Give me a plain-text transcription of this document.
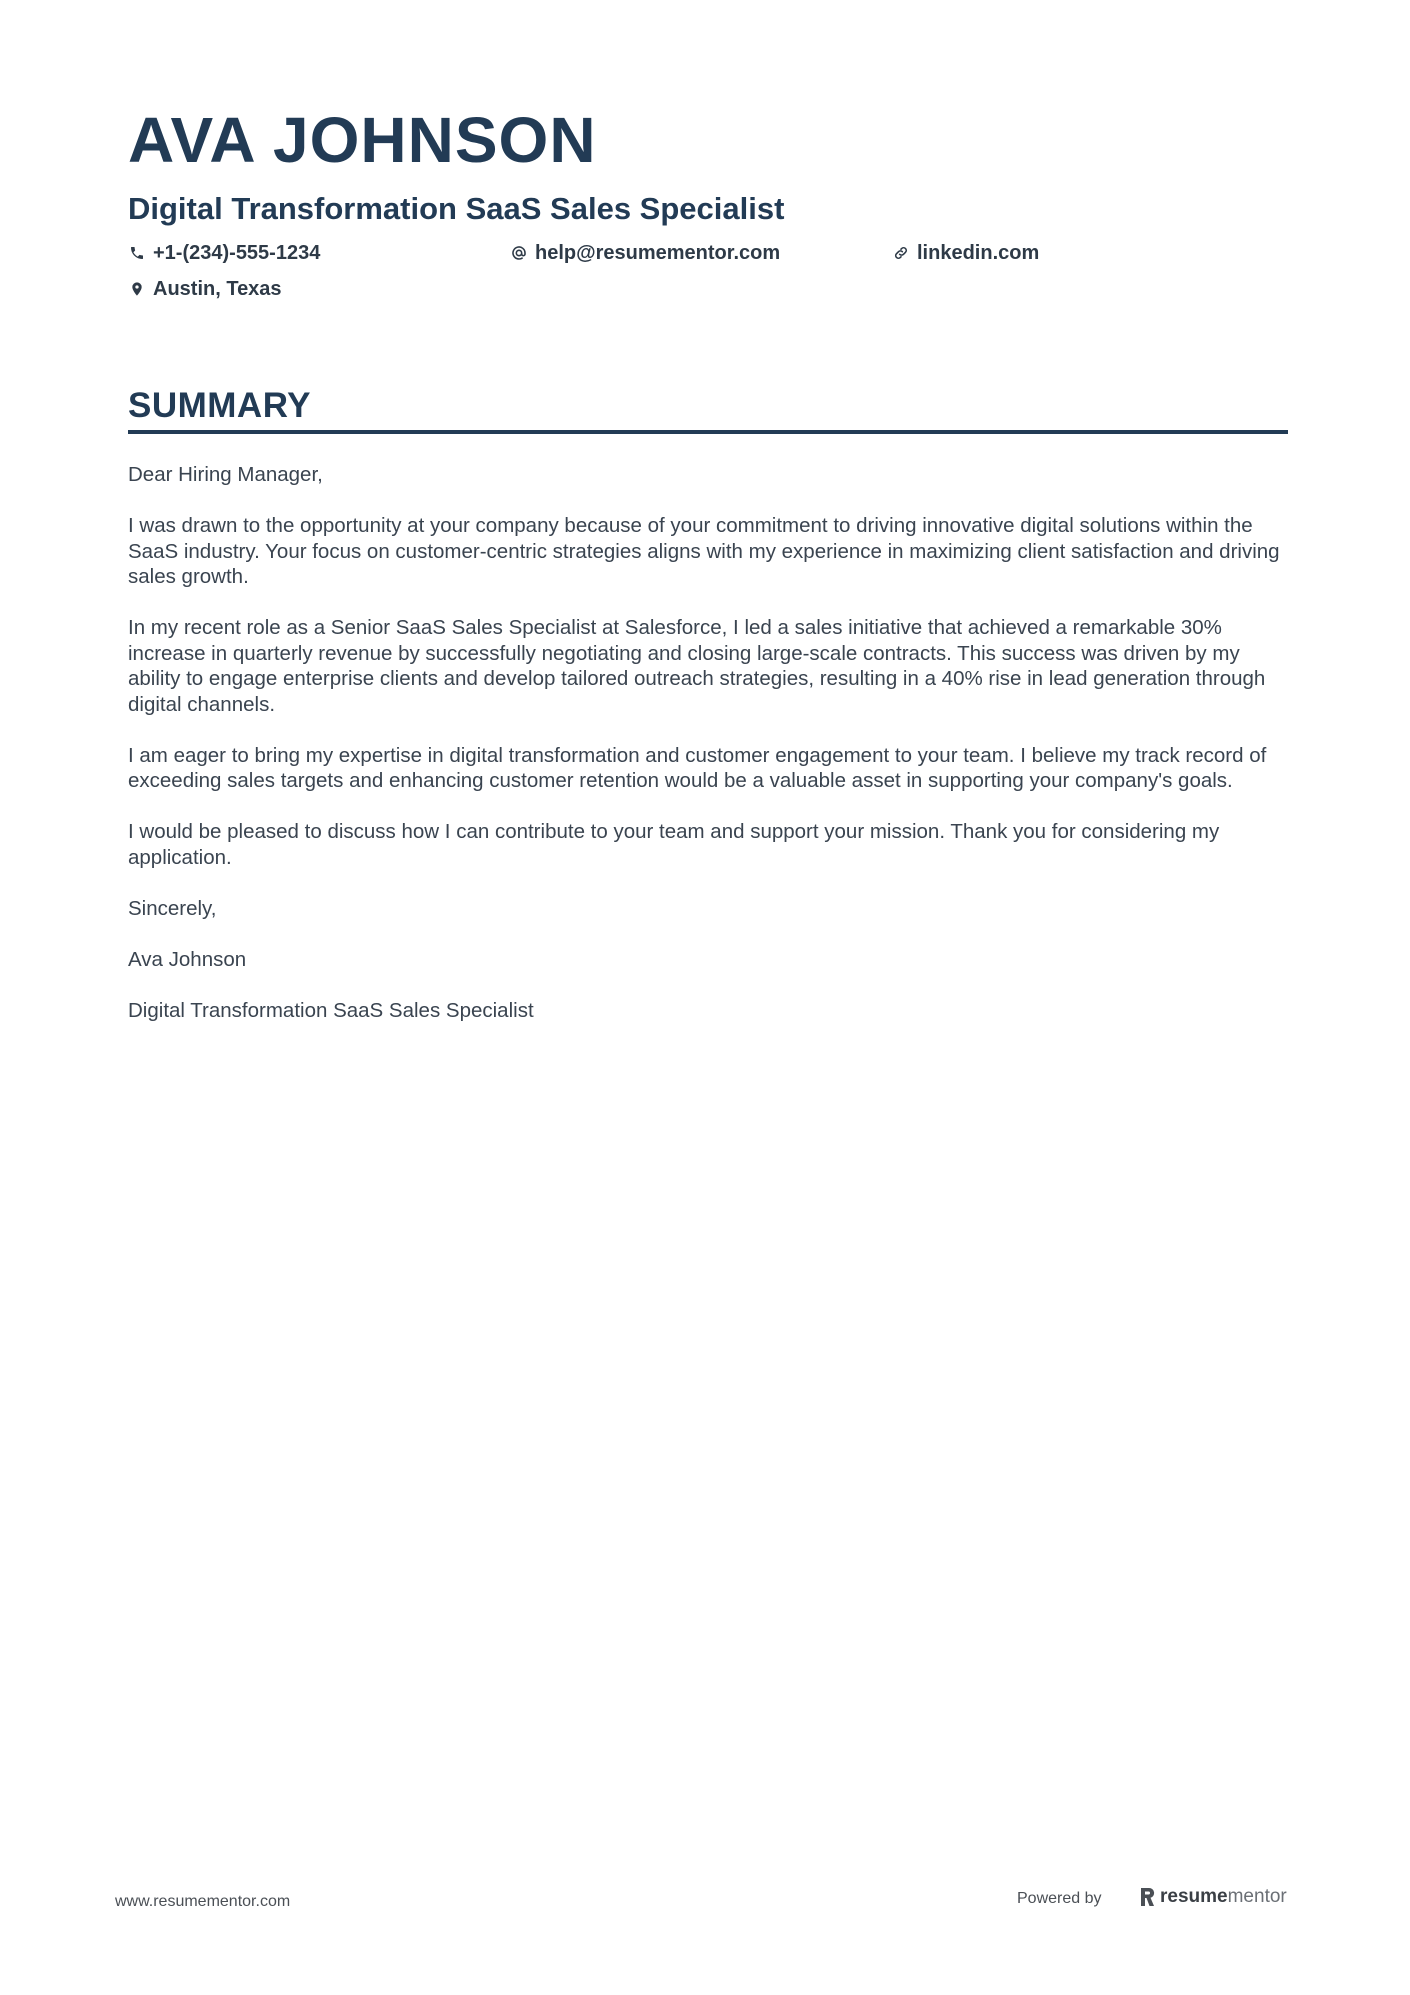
AVA JOHNSON
Digital Transformation SaaS Sales Specialist
+1-(234)-555-1234	help@resumementor.com	linkedin.com
Austin, Texas
SUMMARY

Dear Hiring Manager,

I was drawn to the opportunity at your company because of your commitment to driving innovative digital solutions within the SaaS industry. Your focus on customer-centric strategies aligns with my experience in maximizing client satisfaction and driving sales growth.

In my recent role as a Senior SaaS Sales Specialist at Salesforce, I led a sales initiative that achieved a remarkable 30% increase in quarterly revenue by successfully negotiating and closing large-scale contracts. This success was driven by my ability to engage enterprise clients and develop tailored outreach strategies, resulting in a 40% rise in lead generation through digital channels.

I am eager to bring my expertise in digital transformation and customer engagement to your team. I believe my track record of exceeding sales targets and enhancing customer retention would be a valuable asset in supporting your company's goals.

I would be pleased to discuss how I can contribute to your team and support your mission. Thank you for considering my application.

Sincerely,

Ava Johnson

Digital Transformation SaaS Sales Specialist

www.resumementor.com	Powered by	resume mentor
